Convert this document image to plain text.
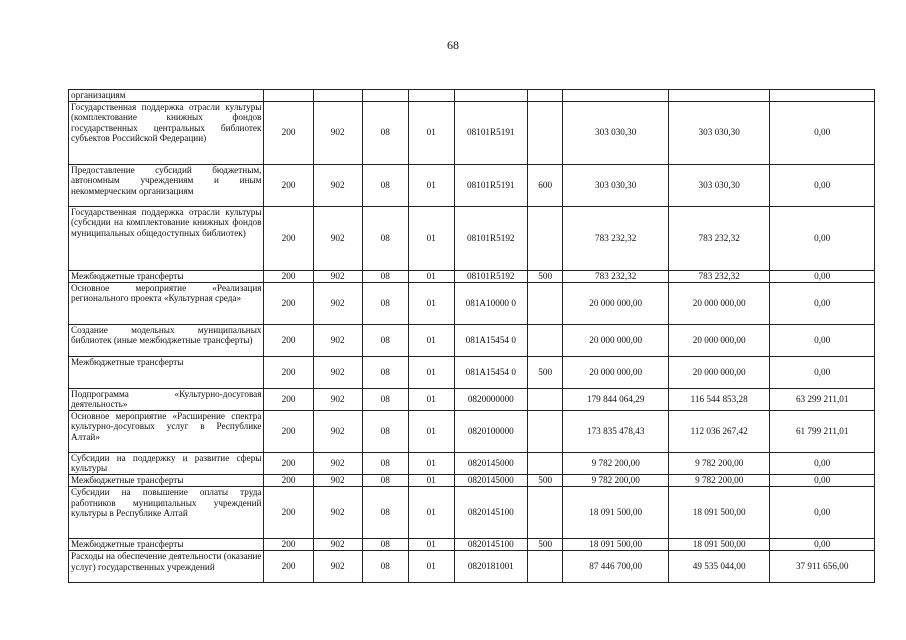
68
организациям									
Государственная поддержка отрасли культуры (комплектование книжных фондов государственных центральных библиотек субъектов Российской Федерации)	200	902	08	01	08101R5191		303 030,30	303 030,30	0,00
Предоставление субсидий бюджетным, автономным учреждениям и иным некоммерческим организациям	200	902	08	01	08101R5191	600	303 030,30	303 030,30	0,00
Государственная поддержка отрасли культуры (субсидии на комплектование книжных фондов муниципальных общедоступных библиотек)	200	902	08	01	08101R5192		783 232,32	783 232,32	0,00
Межбюджетные трансферты	200	902	08	01	08101R5192	500	783 232,32	783 232,32	0,00
Основное мероприятие «Реализация регионального проекта «Культурная среда»	200	902	08	01	081А10000 0		20 000 000,00	20 000 000,00	0,00
Создание модельных муниципальных библиотек (иные межбюджетные трансферты)	200	902	08	01	081А15454 0		20 000 000,00	20 000 000,00	0,00
Межбюджетные трансферты	200	902	08	01	081А15454 0	500	20 000 000,00	20 000 000,00	0,00
Подпрограмма «Культурно-досуговая деятельность»	200	902	08	01	0820000000		179 844 064,29	116 544 853,28	63 299 211,01
Основное мероприятие «Расширение спектра культурно-досуговых услуг в Республике Алтай»	200	902	08	01	0820100000		173 835 478,43	112 036 267,42	61 799 211,01
Субсидии на поддержку и развитие сферы культуры	200	902	08	01	0820145000		9 782 200,00	9 782 200,00	0,00
Межбюджетные трансферты	200	902	08	01	0820145000	500	9 782 200,00	9 782 200,00	0,00
Субсидии на повышение оплаты труда работников муниципальных учреждений культуры в Республике Алтай	200	902	08	01	0820145100		18 091 500,00	18 091 500,00	0,00
Межбюджетные трансферты	200	902	08	01	0820145100	500	18 091 500,00	18 091 500,00	0,00
Расходы на обеспечение деятельности (оказание услуг) государственных учреждений	200	902	08	01	0820181001		87 446 700,00	49 535 044,00	37 911 656,00
